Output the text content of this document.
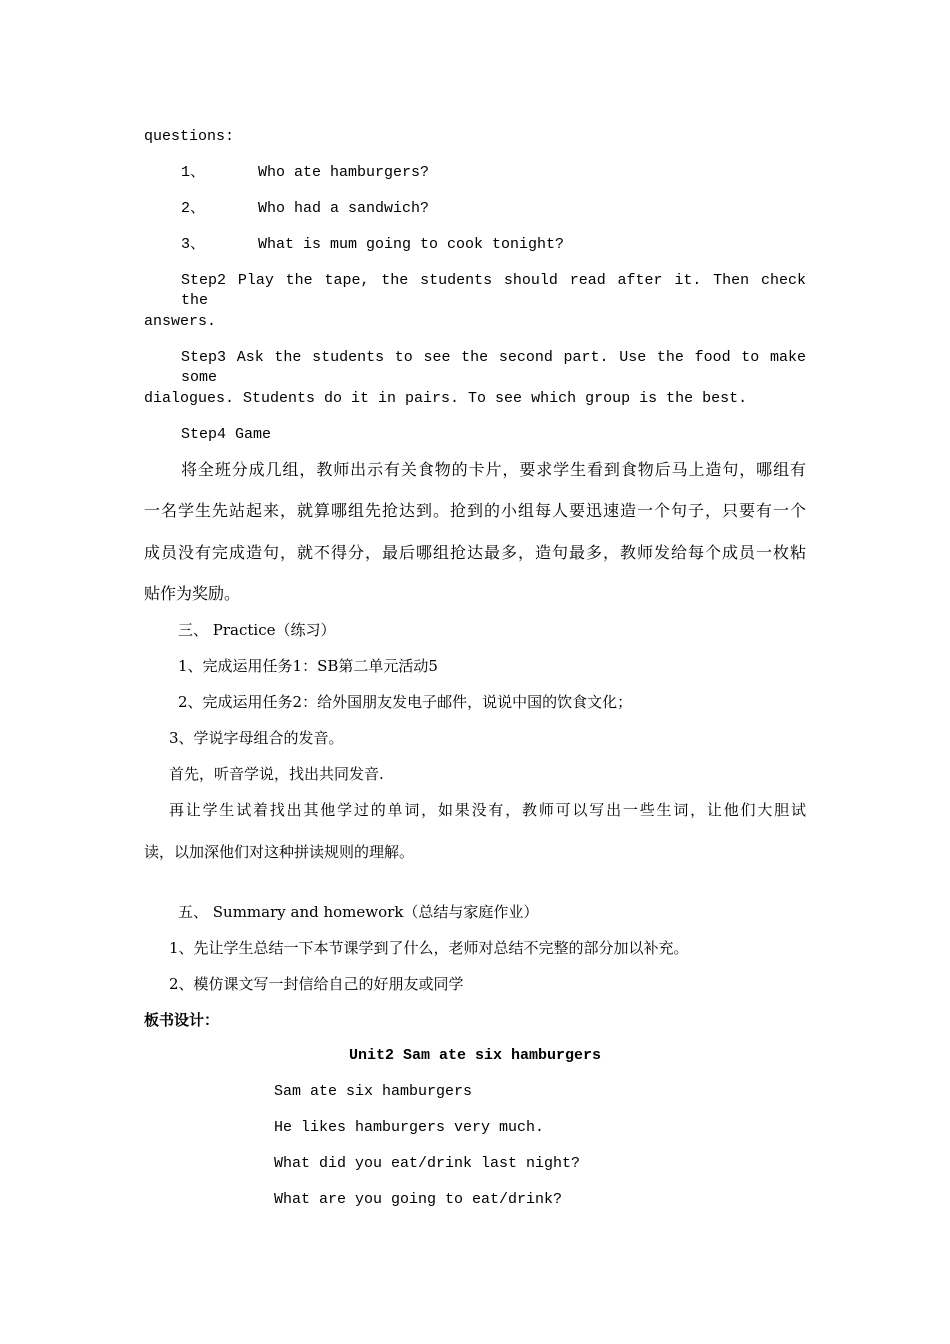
questions:
1、	Who ate hamburgers?
2、	Who had a sandwich?
3、	What is mum going to cook tonight?
Step2 Play the tape, the students should read after it. Then check the
answers.
Step3 Ask the students to see the second part. Use the food to make some
dialogues. Students do it in pairs. To see which group is the best.
Step4 Game
将全班分成几组，教师出示有关食物的卡片，要求学生看到食物后马上造句，哪组有
一名学生先站起来，就算哪组先抢达到。抢到的小组每人要迅速造一个句子，只要有一个
成员没有完成造句，就不得分，最后哪组抢达最多，造句最多，教师发给每个成员一枚粘
贴作为奖励。
三、 Practice（练习）
1、完成运用任务1：SB第二单元活动5
2、完成运用任务2：给外国朋友发电子邮件，说说中国的饮食文化；
3、学说字母组合的发音。
首先，听音学说，找出共同发音.
再让学生试着找出其他学过的单词，如果没有，教师可以写出一些生词，让他们大胆试
读，以加深他们对这种拼读规则的理解。
五、 Summary and homework（总结与家庭作业）
1、先让学生总结一下本节课学到了什么，老师对总结不完整的部分加以补充。
2、模仿课文写一封信给自己的好朋友或同学
板书设计：
Unit2 Sam ate six hamburgers
Sam ate six hamburgers
He likes hamburgers very much.
What did you eat/drink last night?
What are you going to eat/drink?
